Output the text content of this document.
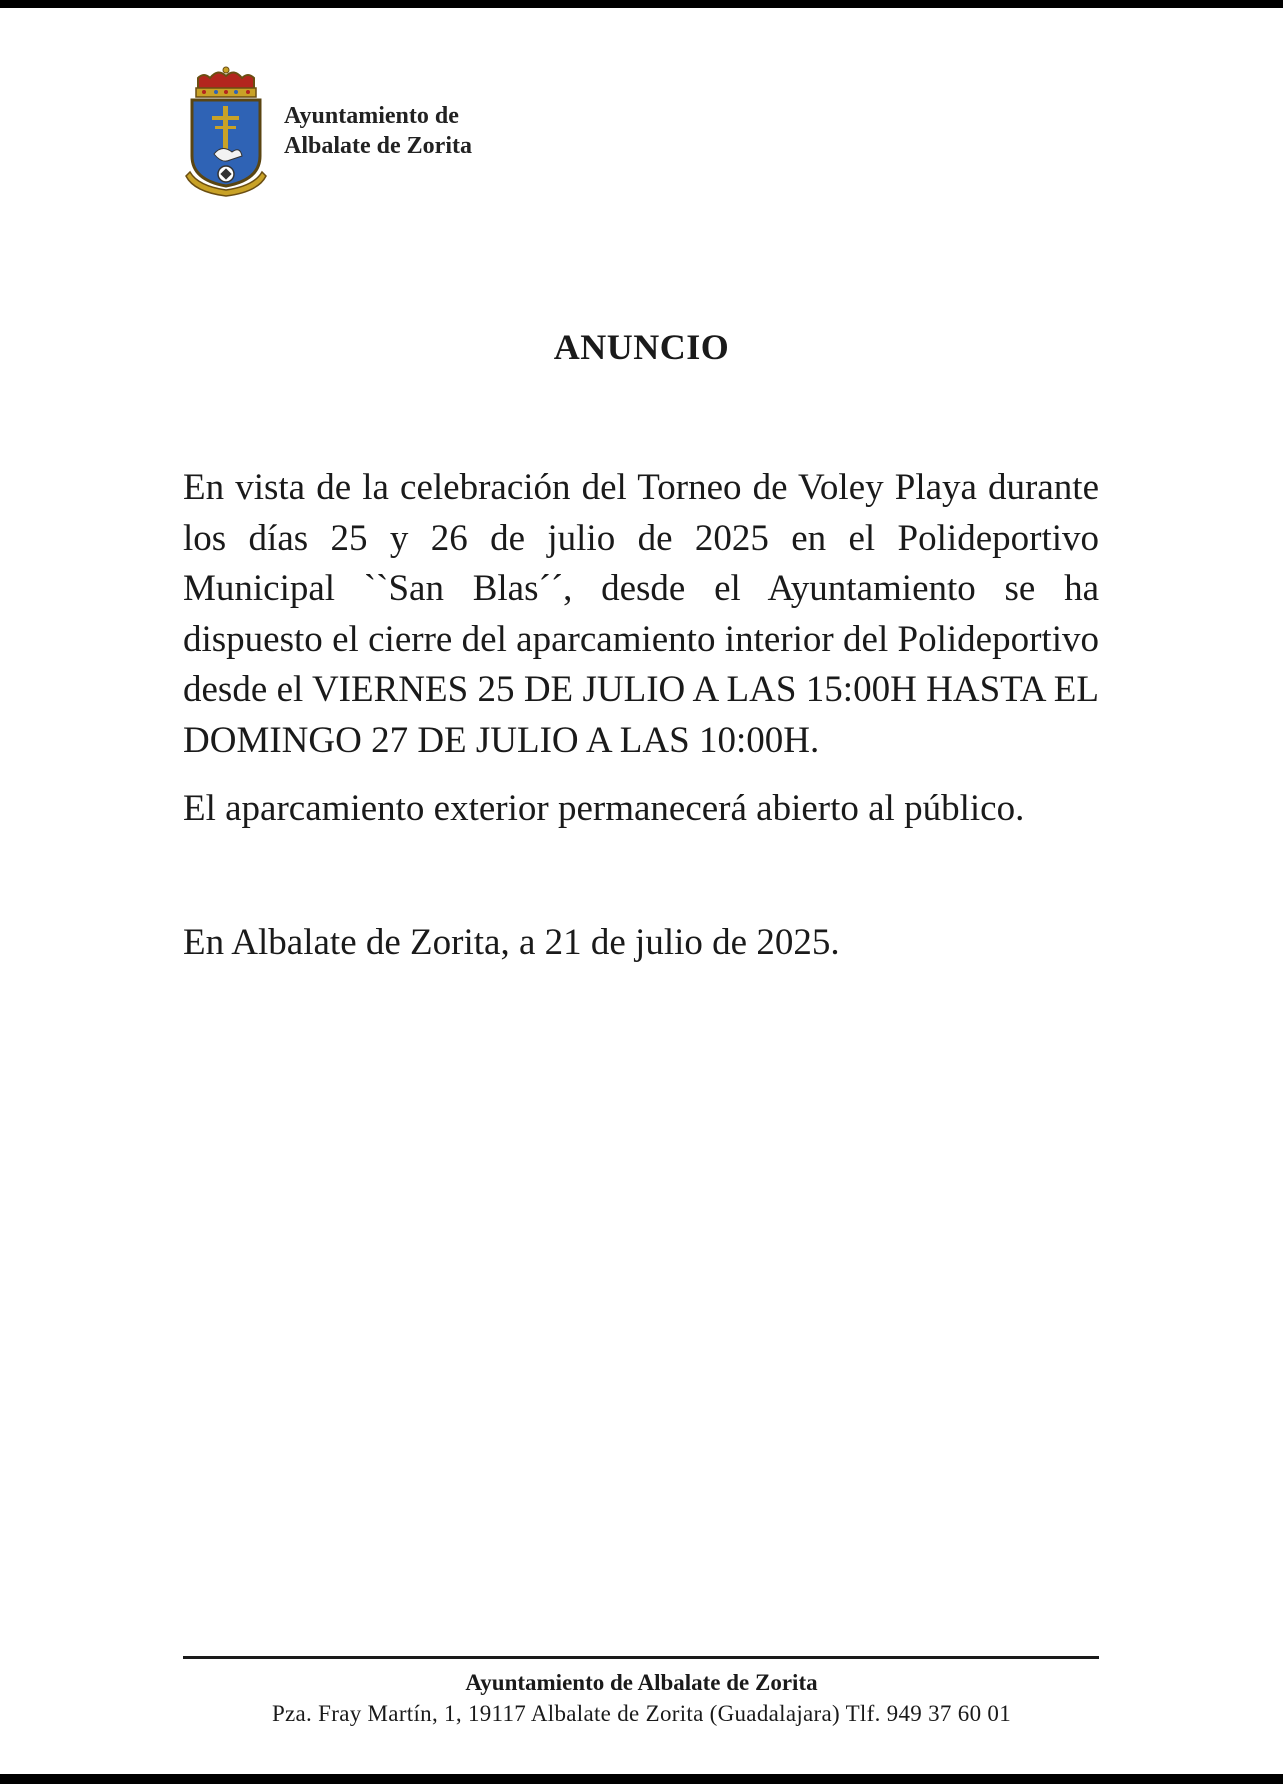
Ayuntamiento de
Albalate de Zorita
ANUNCIO

En vista de la celebración del Torneo de Voley Playa durante los días 25 y 26 de julio de 2025 en el Polideportivo Municipal ``San Blas´´, desde el Ayuntamiento se ha dispuesto el cierre del aparcamiento interior del Polideportivo desde el VIERNES 25 DE JULIO A LAS 15:00H HASTA EL DOMINGO 27 DE JULIO A LAS 10:00H.

El aparcamiento exterior permanecerá abierto al público.

En Albalate de Zorita, a 21 de julio de 2025.

Ayuntamiento de Albalate de Zorita
Pza. Fray Martín, 1, 19117 Albalate de Zorita (Guadalajara) Tlf. 949 37 60 01
